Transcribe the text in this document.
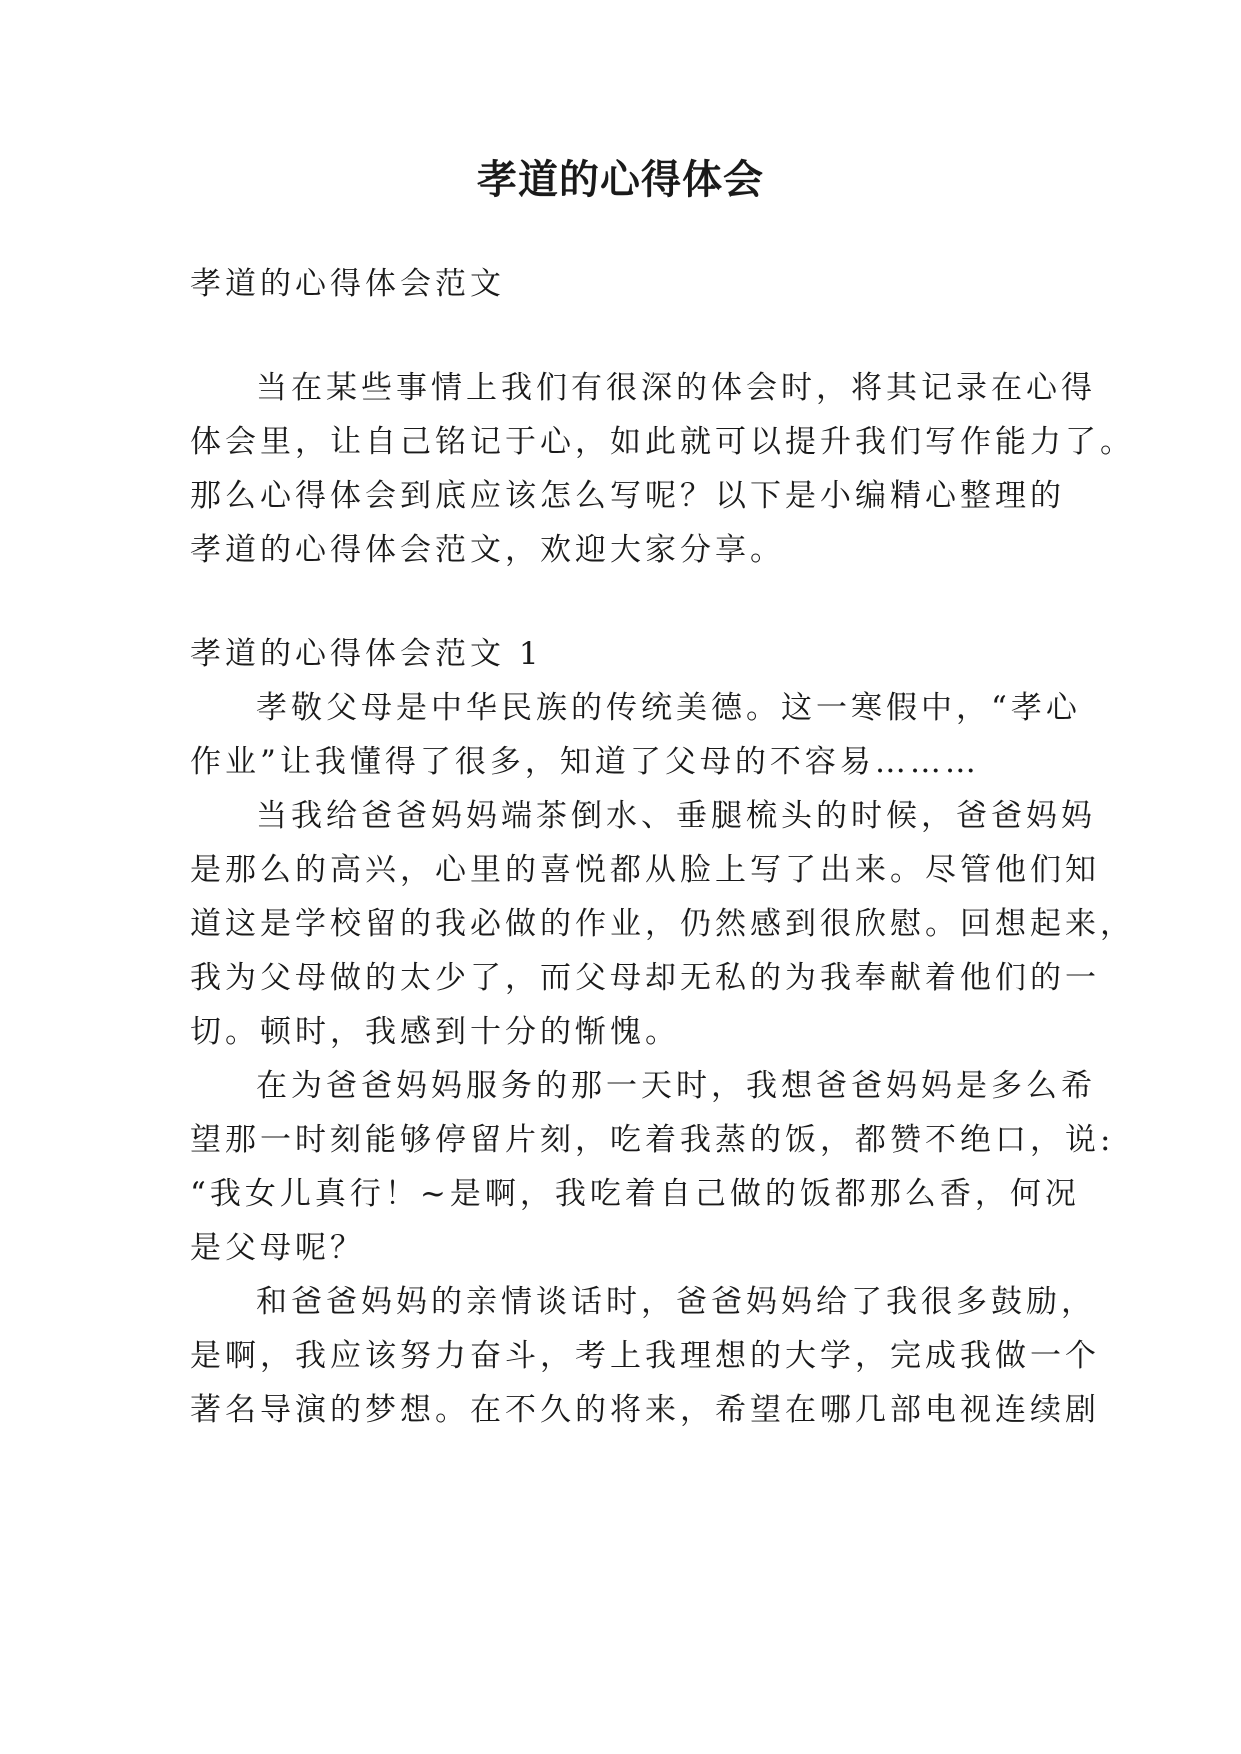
孝道的心得体会
孝道的心得体会范文
当在某些事情上我们有很深的体会时，将其记录在心得
体会里，让自己铭记于心，如此就可以提升我们写作能力了。
那么心得体会到底应该怎么写呢？以下是小编精心整理的
孝道的心得体会范文，欢迎大家分享。
孝道的心得体会范文 1
孝敬父母是中华民族的传统美德。这一寒假中，“孝心
作业”让我懂得了很多，知道了父母的不容易………
当我给爸爸妈妈端茶倒水、垂腿梳头的时候，爸爸妈妈
是那么的高兴，心里的喜悦都从脸上写了出来。尽管他们知
道这是学校留的我必做的作业，仍然感到很欣慰。回想起来，
我为父母做的太少了，而父母却无私的为我奉献着他们的一
切。顿时，我感到十分的惭愧。
在为爸爸妈妈服务的那一天时，我想爸爸妈妈是多么希
望那一时刻能够停留片刻，吃着我蒸的饭，都赞不绝口，说:
“我女儿真行！~是啊，我吃着自己做的饭都那么香，何况
是父母呢？
和爸爸妈妈的亲情谈话时，爸爸妈妈给了我很多鼓励，
是啊，我应该努力奋斗，考上我理想的大学，完成我做一个
著名导演的梦想。在不久的将来，希望在哪几部电视连续剧
